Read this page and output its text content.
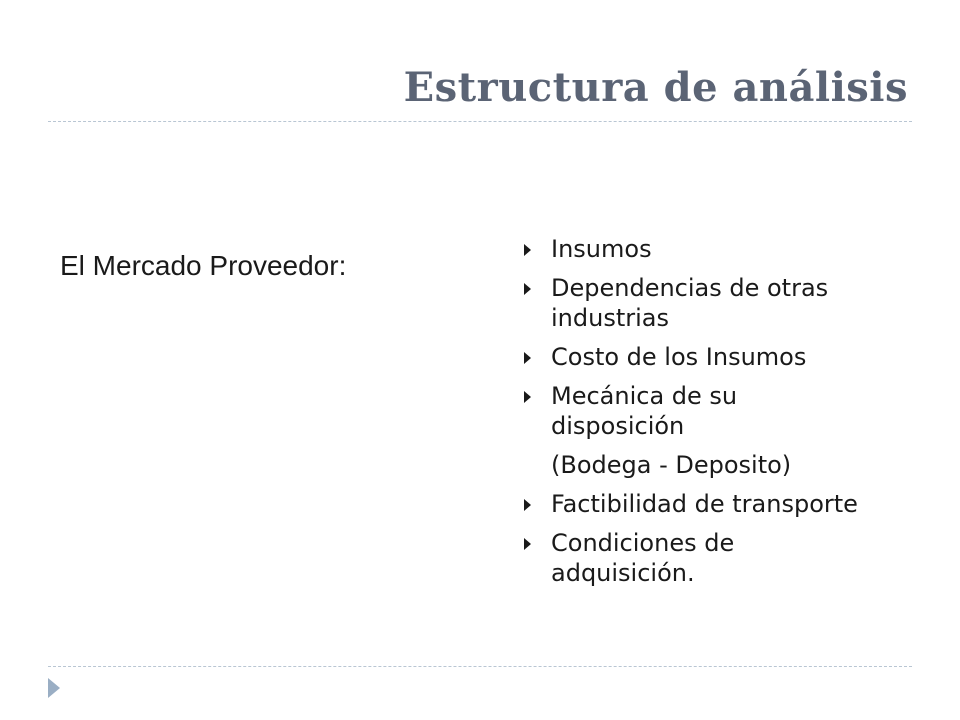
Estructura de análisis
El Mercado Proveedor:
Insumos
Dependencias de otras
industrias
Costo de los Insumos
Mecánica de su
disposición
(Bodega - Deposito)
Factibilidad de transporte
Condiciones de
adquisición.
